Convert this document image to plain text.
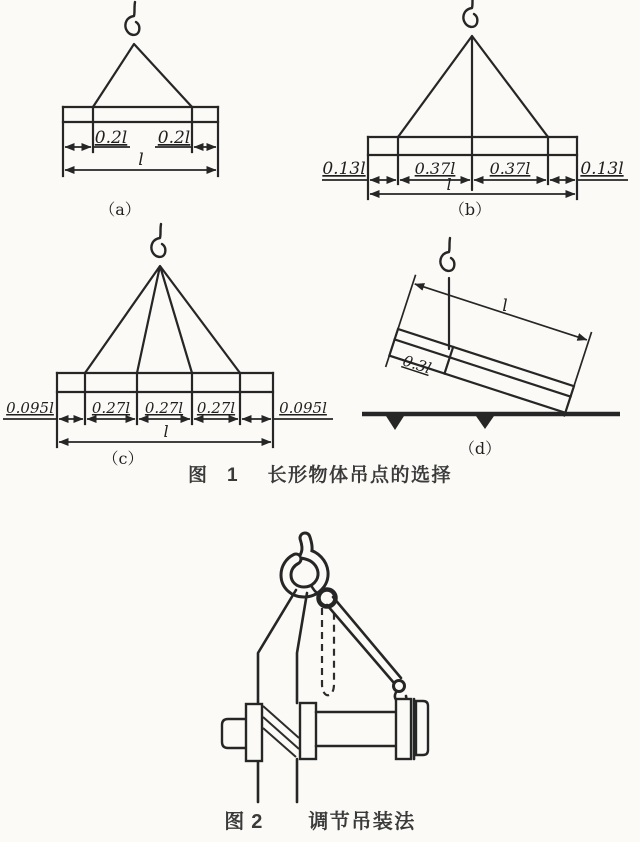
0.2l 0.2l
l
（a）
0.13l	0.37l 0.37l	0.13l
l
（b）
0.095l	0.27l 0.27l 0.27l	0.095l
l
（c）
0.3l
l
（d）
图 1 长形物体吊点的选择
图 2 调节吊装法
